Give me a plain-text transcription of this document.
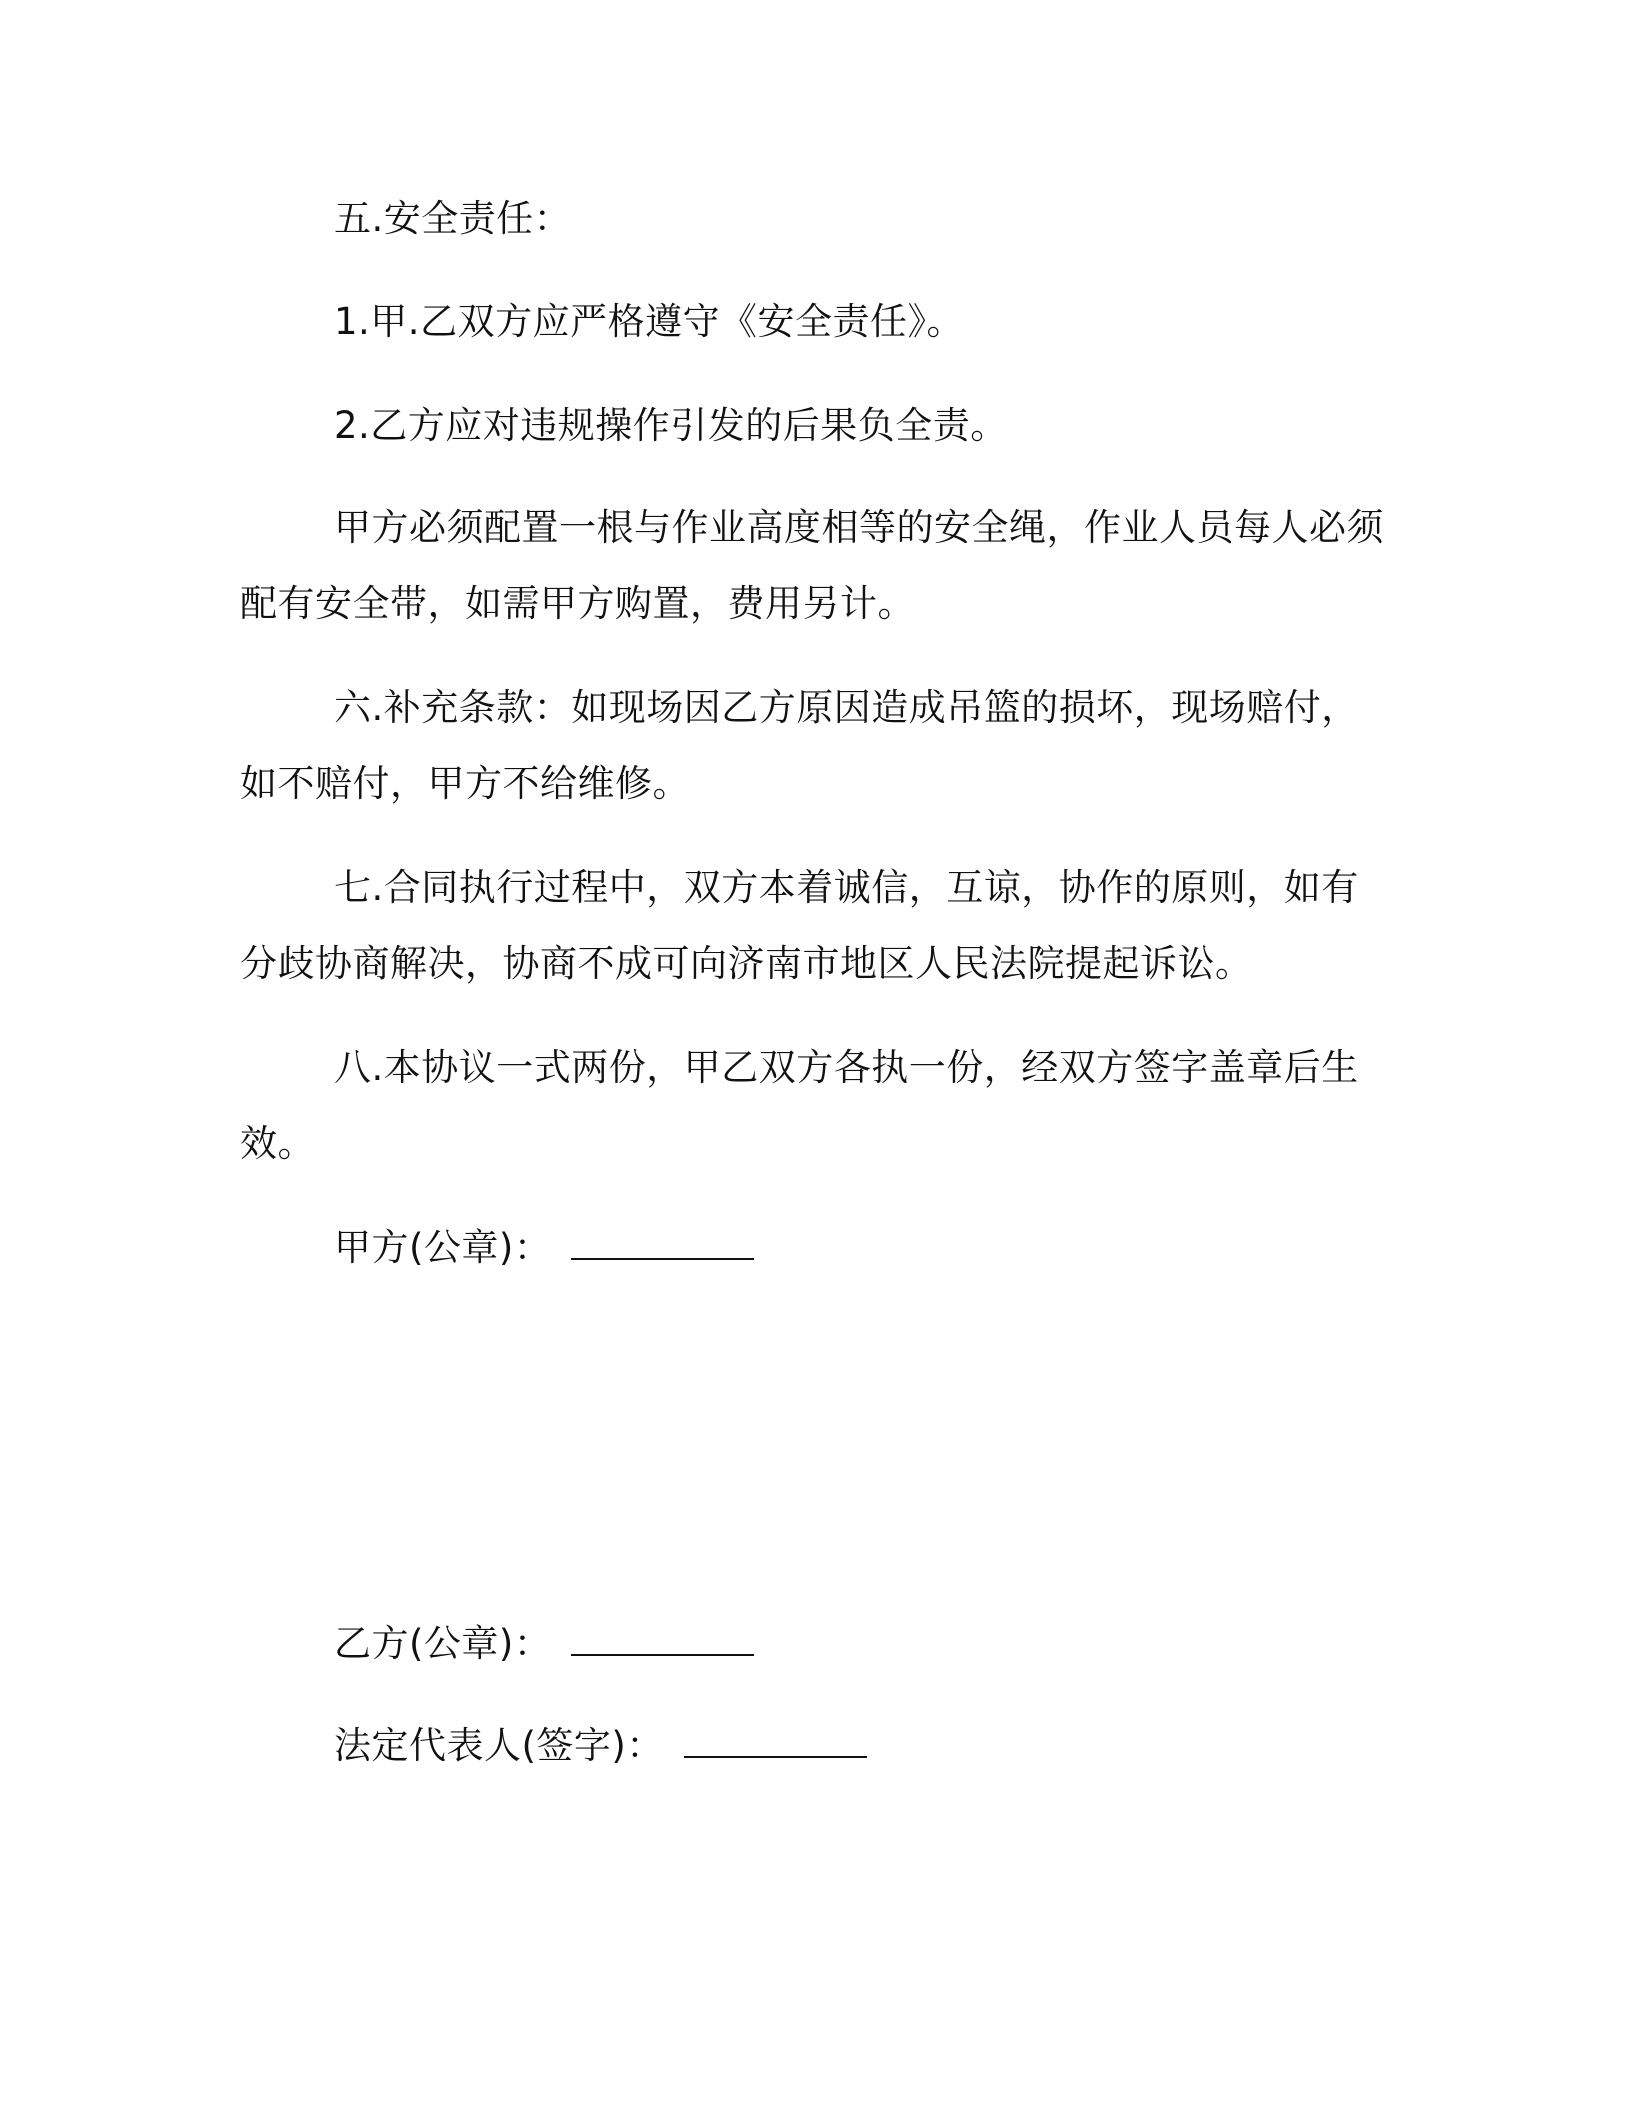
五.安全责任：
1.甲.乙双方应严格遵守《安全责任》。
2.乙方应对违规操作引发的后果负全责。
甲方必须配置一根与作业高度相等的安全绳，作业人员每人必须
配有安全带，如需甲方购置，费用另计。
六.补充条款：如现场因乙方原因造成吊篮的损坏，现场赔付，
如不赔付，甲方不给维修。
七.合同执行过程中，双方本着诚信，互谅，协作的原则，如有
分歧协商解决，协商不成可向济南市地区人民法院提起诉讼。
八.本协议一式两份，甲乙双方各执一份，经双方签字盖章后生
效。
甲方(公章)：
乙方(公章)：
法定代表人(签字)：
